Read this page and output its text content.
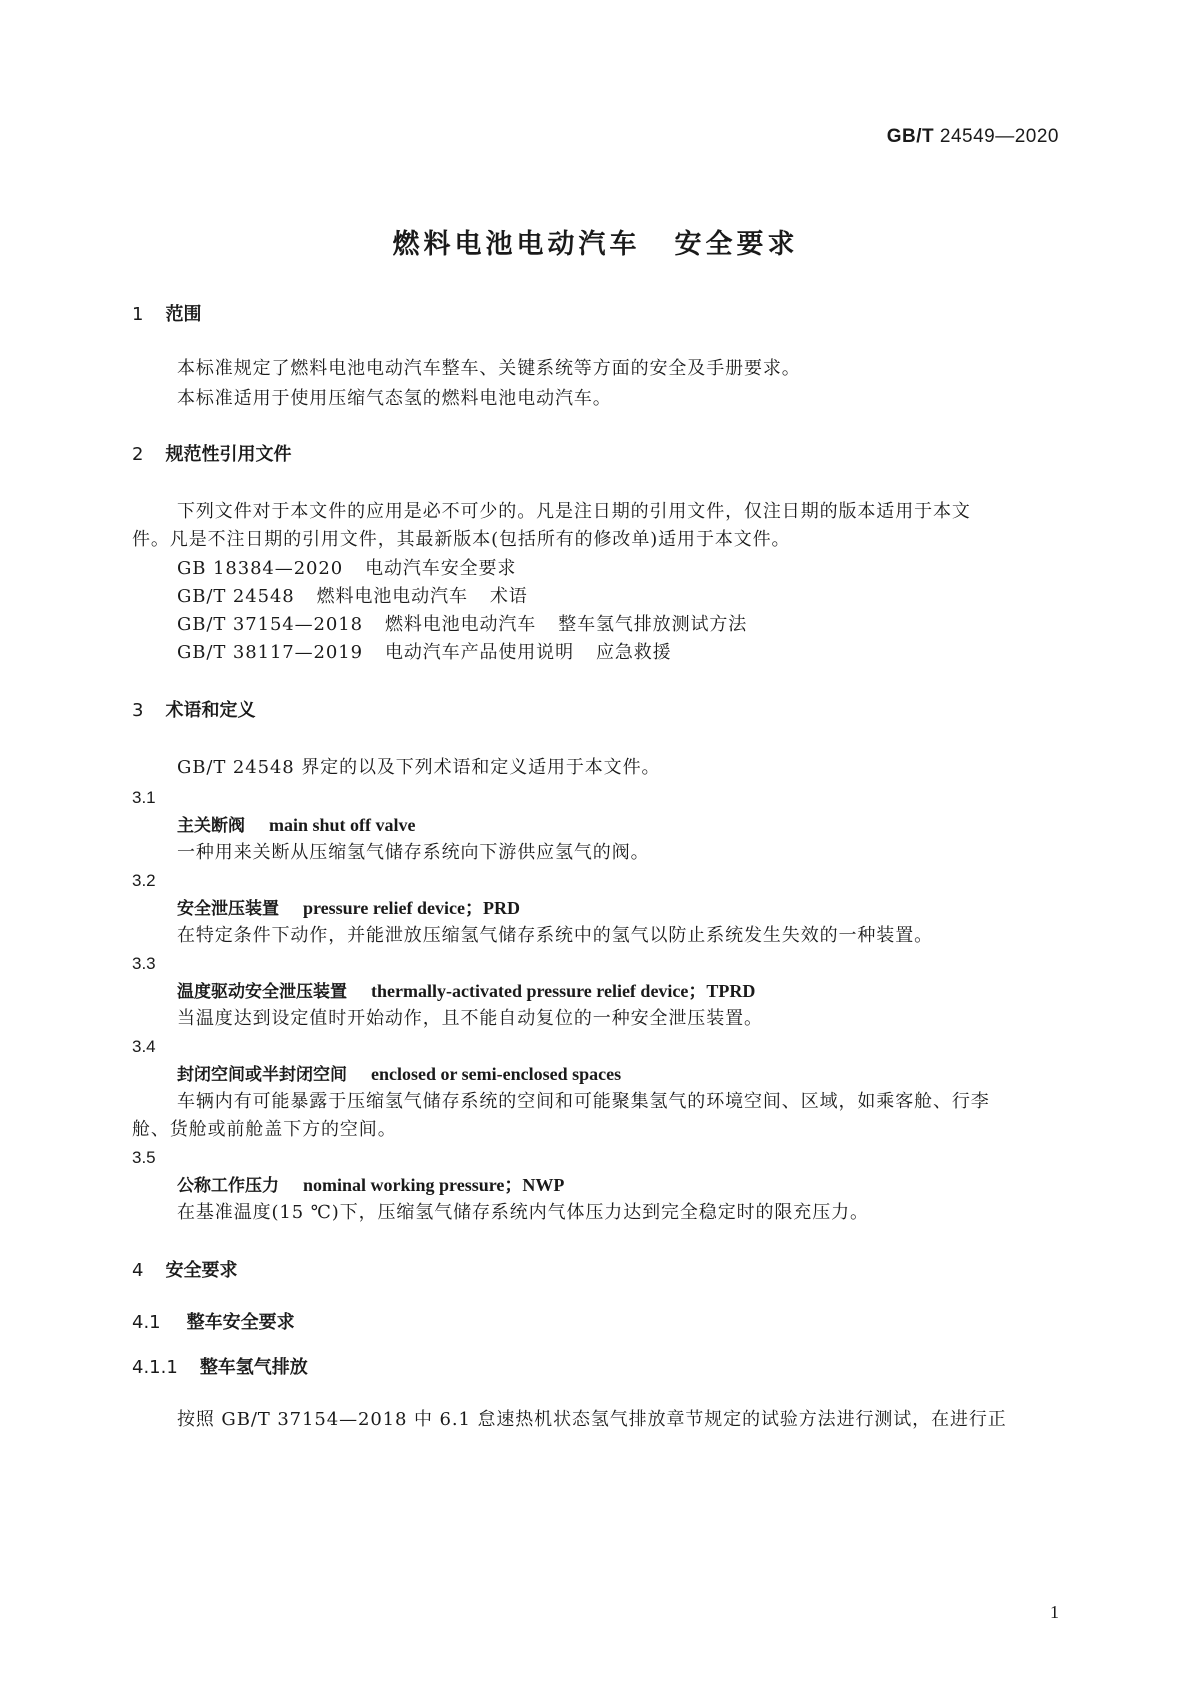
GB/T 24549—2020
燃料电池电动汽车 安全要求
1 范围
本标准规定了燃料电池电动汽车整车、关键系统等方面的安全及手册要求。
本标准适用于使用压缩气态氢的燃料电池电动汽车。
2 规范性引用文件
下列文件对于本文件的应用是必不可少的。凡是注日期的引用文件，仅注日期的版本适用于本文
件。凡是不注日期的引用文件，其最新版本(包括所有的修改单)适用于本文件。
GB 18384—2020 电动汽车安全要求
GB/T 24548 燃料电池电动汽车 术语
GB/T 37154—2018 燃料电池电动汽车 整车氢气排放测试方法
GB/T 38117—2019 电动汽车产品使用说明 应急救援
3 术语和定义
GB/T 24548 界定的以及下列术语和定义适用于本文件。
3.1
主关断阀 main shut off valve
一种用来关断从压缩氢气储存系统向下游供应氢气的阀。
3.2
安全泄压装置 pressure relief device；PRD
在特定条件下动作，并能泄放压缩氢气储存系统中的氢气以防止系统发生失效的一种装置。
3.3
温度驱动安全泄压装置 thermally-activated pressure relief device；TPRD
当温度达到设定值时开始动作，且不能自动复位的一种安全泄压装置。
3.4
封闭空间或半封闭空间 enclosed or semi-enclosed spaces
车辆内有可能暴露于压缩氢气储存系统的空间和可能聚集氢气的环境空间、区域，如乘客舱、行李
舱、货舱或前舱盖下方的空间。
3.5
公称工作压力 nominal working pressure；NWP
在基准温度(15 ℃)下，压缩氢气储存系统内气体压力达到完全稳定时的限充压力。
4 安全要求
4.1 整车安全要求
4.1.1 整车氢气排放
按照 GB/T 37154—2018 中 6.1 怠速热机状态氢气排放章节规定的试验方法进行测试，在进行正
1
